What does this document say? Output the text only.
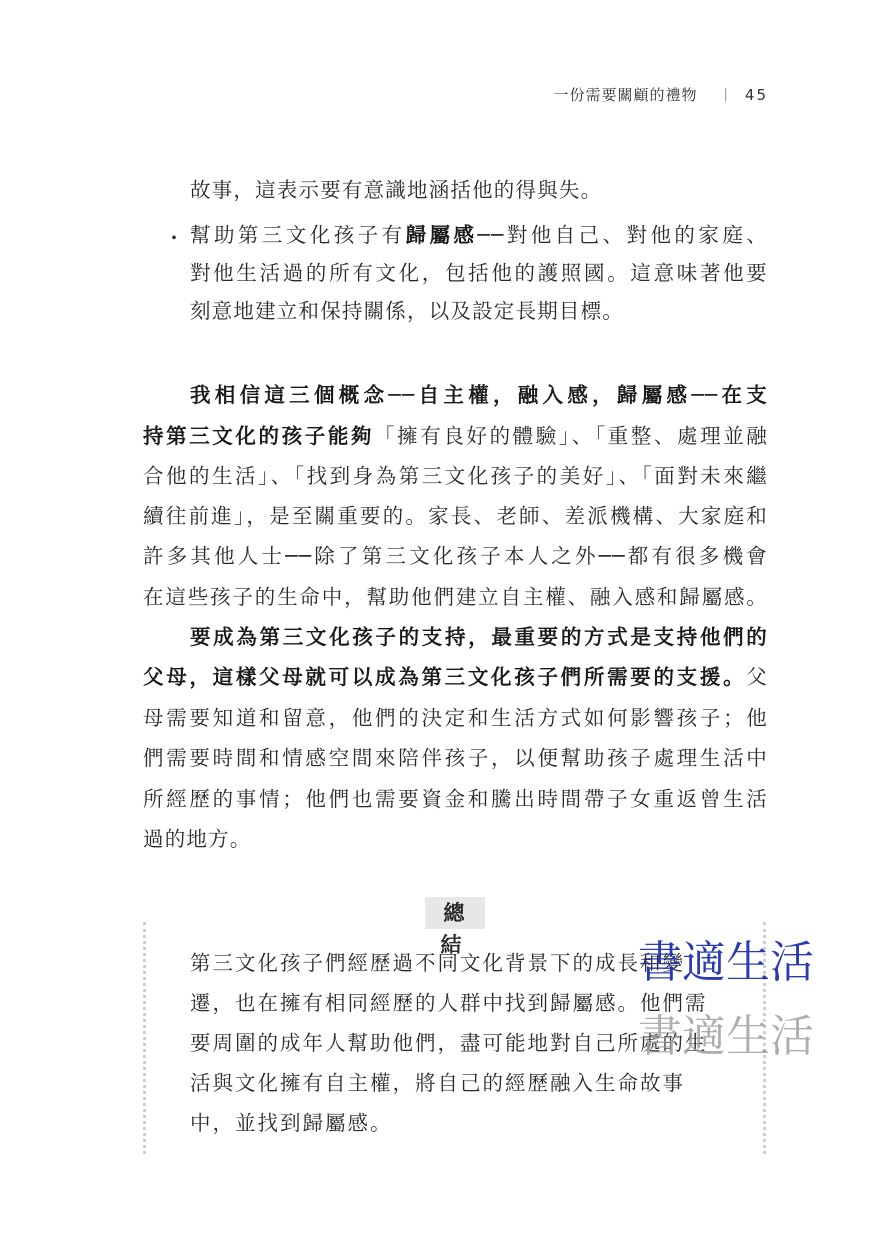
一份需要關顧的禮物 | 45
故事，這表示要有意識地涵括他的得與失。
・ 幫助第三文化孩子有歸屬感──對他自己、對他的家庭、
對他生活過的所有文化，包括他的護照國。這意味著他要
刻意地建立和保持關係，以及設定長期目標。
我相信這三個概念──自主權，融入感，歸屬感──在支
持第三文化的孩子能夠「擁有良好的體驗」、「重整、處理並融
合他的生活」、「找到身為第三文化孩子的美好」、「面對未來繼
續往前進」，是至關重要的。家長、老師、差派機構、大家庭和
許多其他人士──除了第三文化孩子本人之外──都有很多機會
在這些孩子的生命中，幫助他們建立自主權、融入感和歸屬感。
要成為第三文化孩子的支持，最重要的方式是支持他們的
父母，這樣父母就可以成為第三文化孩子們所需要的支援。父
母需要知道和留意，他們的決定和生活方式如何影響孩子；他
們需要時間和情感空間來陪伴孩子，以便幫助孩子處理生活中
所經歷的事情；他們也需要資金和騰出時間帶子女重返曾生活
過的地方。
總結
第三文化孩子們經歷過不同文化背景下的成長和變
遷，也在擁有相同經歷的人群中找到歸屬感。他們需
要周圍的成年人幫助他們，盡可能地對自己所處的生
活與文化擁有自主權，將自己的經歷融入生命故事
中，並找到歸屬感。
書適生活
書適生活
